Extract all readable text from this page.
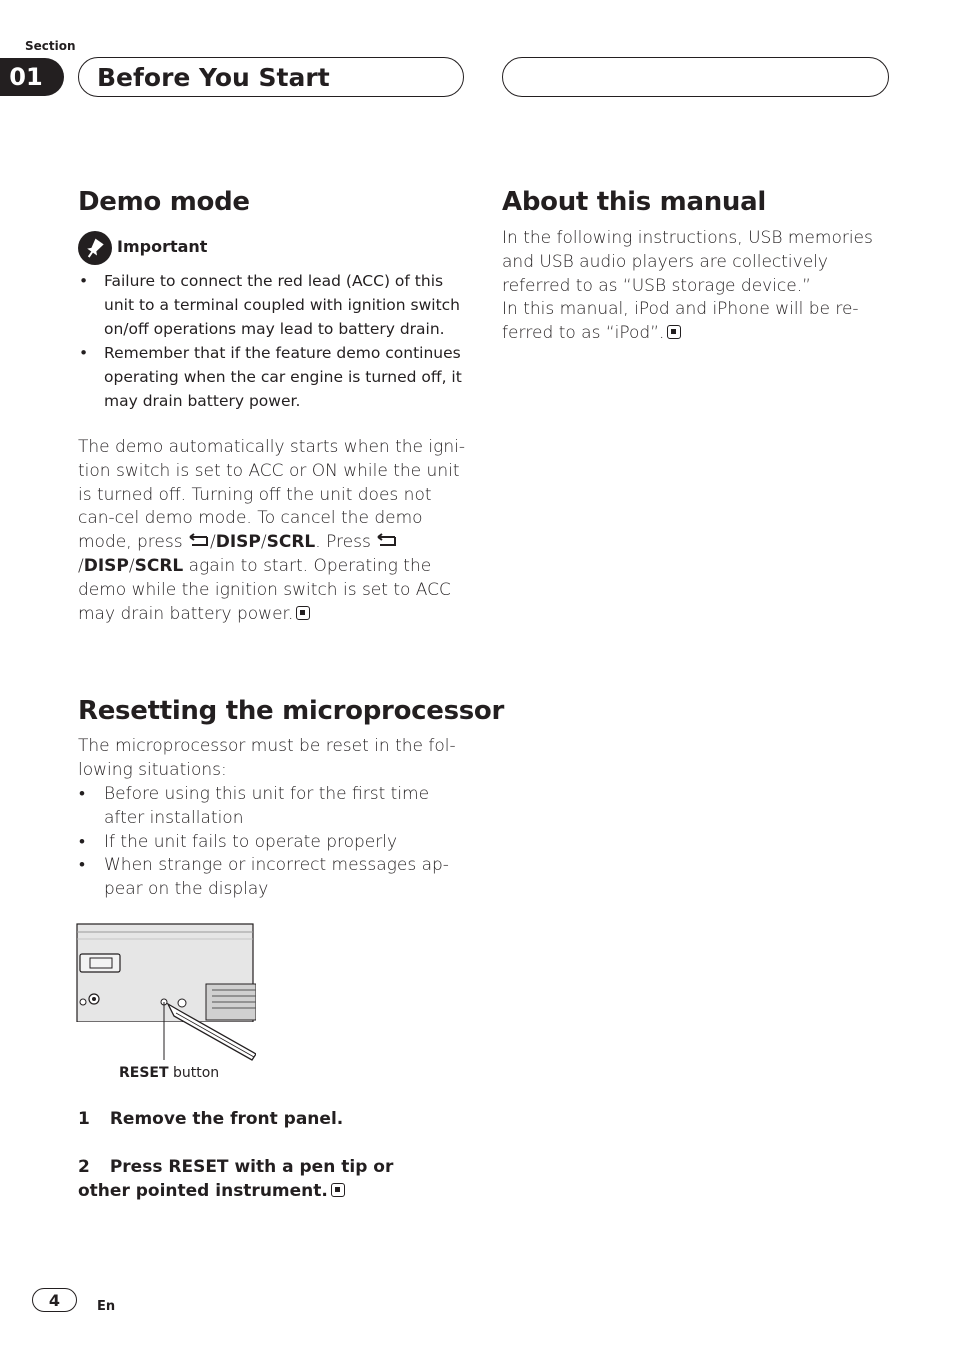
Section
01	Before You Start
Demo mode
Important
• Failure to connect the red lead (ACC) of this unit to a terminal coupled with ignition switch on/off operations may lead to battery drain.
• Remember that if the feature demo continues operating when the car engine is turned off, it may drain battery power.
The demo automatically starts when the igni-tion switch is set to ACC or ON while the unit is turned off. Turning off the unit does not can-cel demo mode. To cancel the demo mode, press /DISP/SCRL. Press /DISP/SCRL again to start. Operating the demo while the ignition switch is set to ACC may drain battery power.
Resetting the microprocessor
The microprocessor must be reset in the fol-lowing situations:
• Before using this unit for the first time after installation
• If the unit fails to operate properly
• When strange or incorrect messages ap-pear on the display
RESET button
1 Remove the front panel.
2 Press RESET with a pen tip or other pointed instrument.
About this manual
In the following instructions, USB memories and USB audio players are collectively referred to as “USB storage device.”
In this manual, iPod and iPhone will be re-ferred to as “iPod”.
4	En
